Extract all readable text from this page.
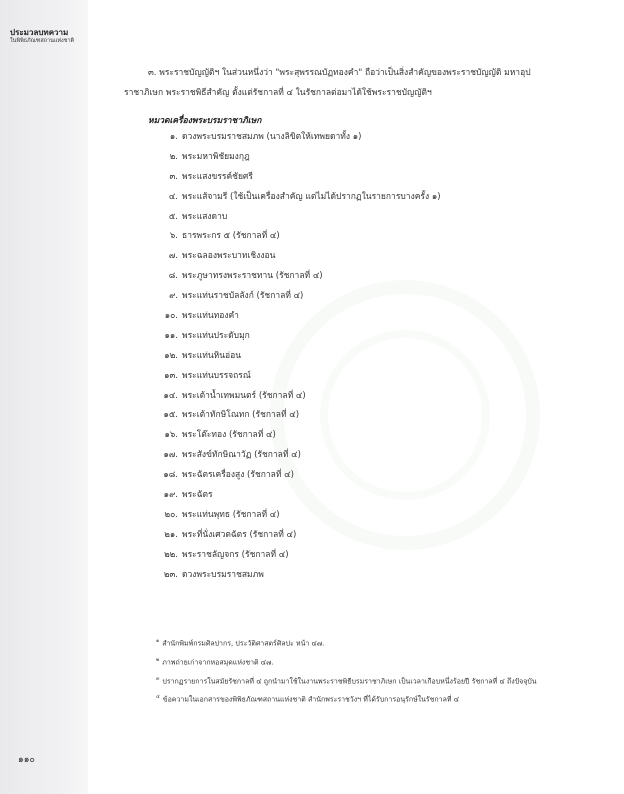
ประมวลบทความ
ในพิพิธภัณฑสถานแห่งชาติ

๓. พระราชบัญญัติฯ ในส่วนหนึ่งว่า "พระสุพรรณบัฏทองคำ" ถือว่าเป็นสิ่งสำคัญของพระราชบัญญัติ มหาอุปราชาภิเษก พระราชพิธีสำคัญ ตั้งแต่รัชกาลที่ ๔ ในรัชกาลต่อมาได้ใช้พระราชบัญญัติฯ

หมวดเครื่องพระบรมราชาภิเษก
๑. ดวงพระบรมราชสมภพ (นางลิขิตให้เทพยดาทั้ง ๑)
๒. พระมหาพิชัยมงกุฎ
๓. พระแสงขรรค์ชัยศรี
๔. พระแส้จามรี (ใช้เป็นเครื่องสำคัญ แต่ไม่ได้ปรากฏในรายการบางครั้ง ๑)
๕. พระแสงดาบ
๖. ธารพระกร ๕ (รัชกาลที่ ๔)
๗. พระฉลองพระบาทเชิงงอน
๘. พระภูษาทรงพระราชทาน (รัชกาลที่ ๔)
๙. พระแท่นราชบัลลังก์ (รัชกาลที่ ๔)
๑๐. พระแท่นทองคำ
๑๑. พระแท่นประดับมุก
๑๒. พระแท่นหินอ่อน
๑๓. พระแท่นบรรจถรณ์
๑๔. พระเต้าน้ำเทพมนตร์ (รัชกาลที่ ๔)
๑๕. พระเต้าทักษิโณทก (รัชกาลที่ ๔)
๑๖. พระโต๊ะทอง (รัชกาลที่ ๔)
๑๗. พระสังข์ทักษิณาวัฏ (รัชกาลที่ ๔)
๑๘. พระฉัตรเครื่องสูง (รัชกาลที่ ๔)
๑๙. พระฉัตร
๒๐. พระแท่นพุทธ (รัชกาลที่ ๔)
๒๑. พระที่นั่งเศวตฉัตร (รัชกาลที่ ๔)
๒๒. พระราชลัญจกร (รัชกาลที่ ๔)
๒๓. ดวงพระบรมราชสมภพ

$^๑$ สำนักพิมพ์กรมศิลปากร, ประวัติศาสตร์ศิลปะ หน้า ๔๗.

$^๒$ ภาพถ่ายเก่าจากหอสมุดแห่งชาติ ๔๗.

$^๓$ ปรากฏรายการในสมัยรัชกาลที่ ๔ ถูกนำมาใช้ในงานพระราชพิธีบรมราชาภิเษก เป็นเวลาเกือบหนึ่งร้อยปี รัชกาลที่ ๔ ถึงปัจจุบัน

$^๔$ ข้อความในเอกสารของพิพิธภัณฑสถานแห่งชาติ สำนักพระราชวังฯ ที่ได้รับการอนุรักษ์ในรัชกาลที่ ๔

๑๑๐
